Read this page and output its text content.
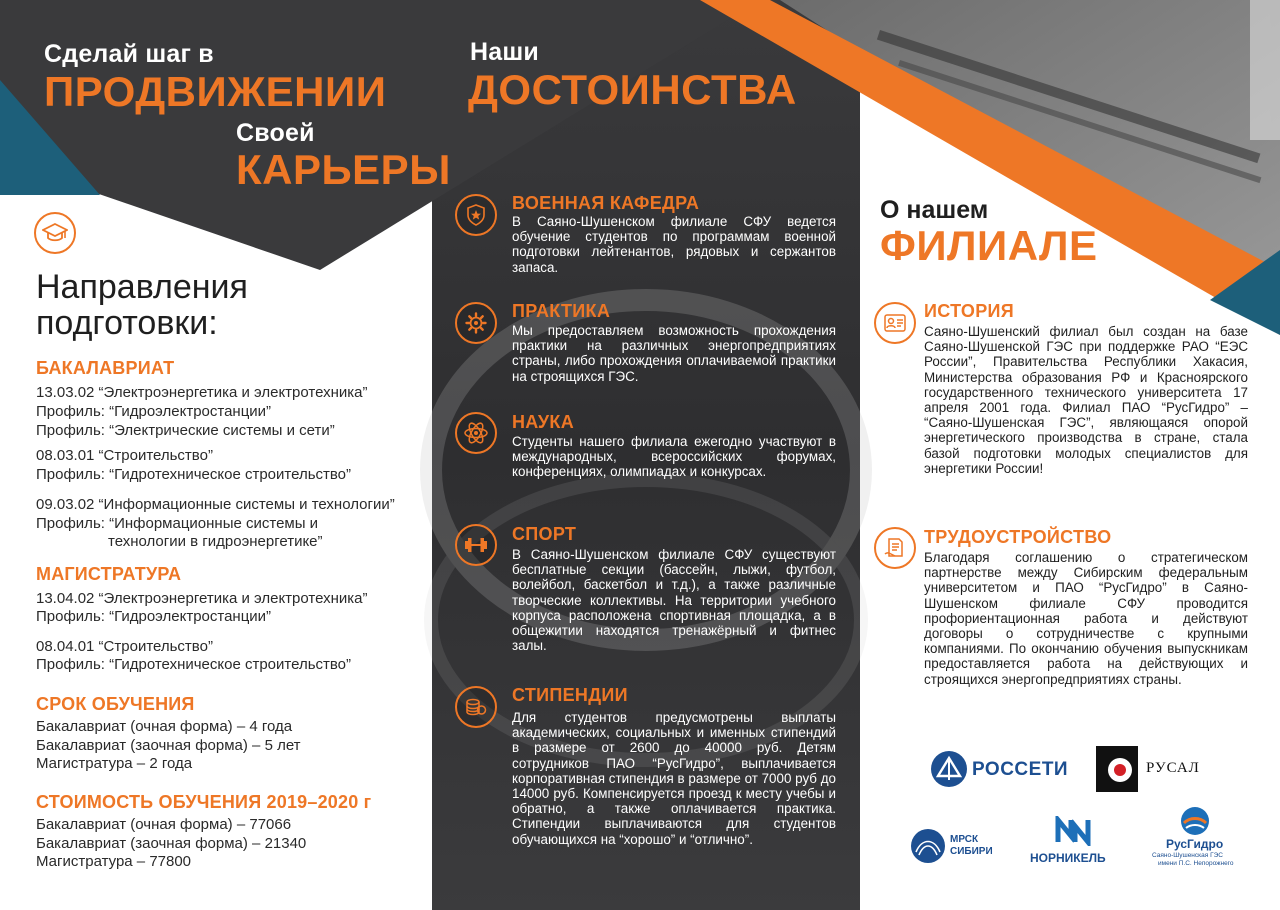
Сделай шаг в
ПРОДВИЖЕНИИ
Своей
КАРЬЕРЫ
Наши
ДОСТОИНСТВА
О нашем
ФИЛИАЛЕ
Направления
подготовки:
БАКАЛАВРИАТ
13.03.02 “Электроэнергетика и электротехника”
Профиль: “Гидроэлектростанции”
Профиль: “Электрические системы и сети”
08.03.01 “Строительство”
Профиль: “Гидротехническое строительство”
09.03.02 “Информационные системы и технологии”
Профиль: “Информационные системы и
технологии в гидроэнергетике”
МАГИСТРАТУРА
13.04.02 “Электроэнергетика и электротехника”
Профиль: “Гидроэлектростанции”
08.04.01 “Строительство”
Профиль: “Гидротехническое строительство”
СРОК ОБУЧЕНИЯ
Бакалавриат (очная форма) – 4 года
Бакалавриат (заочная форма) – 5 лет
Магистратура – 2 года
СТОИМОСТЬ ОБУЧЕНИЯ 2019–2020 г
Бакалавриат (очная форма) – 77066
Бакалавриат (заочная форма) – 21340
Магистратура – 77800
ВОЕННАЯ КАФЕДРА
В Саяно-Шушенском филиале СФУ ведется обучение студентов по программам военной подготовки лейтенантов, рядовых и сержантов запаса.
ПРАКТИКА
Мы предоставляем возможность прохождения практики на различных энергопредприятиях страны, либо прохождения оплачиваемой практики на строящихся ГЭС.
НАУКА
Студенты нашего филиала ежегодно участвуют в международных, всероссийских форумах, конференциях, олимпиадах и конкурсах.
СПОРТ
В Саяно-Шушенском филиале СФУ существуют бесплатные секции (бассейн, лыжи, футбол, волейбол, баскетбол и т.д.), а также различные творческие коллективы. На территории учебного корпуса расположена спортивная площадка, а в общежитии находятся тренажёрный и фитнес залы.
СТИПЕНДИИ
Для студентов предусмотрены выплаты академических, социальных и именных стипендий в размере от 2600 до 40000 руб. Детям сотрудников ПАО “РусГидро”, выплачивается корпоративная стипендия в размере от 7000 руб до 14000 руб. Компенсируется проезд к месту учебы и обратно, а также оплачивается практика. Стипендии выплачиваются для студентов обучающихся на “хорошо” и “отлично”.
ИСТОРИЯ
Саяно-Шушенский филиал был создан на базе Саяно-Шушенской ГЭС при поддержке РАО “ЕЭС России”, Правительства Республики Хакасия, Министерства образования РФ и Красноярского государственного технического университета 17 апреля 2001 года. Филиал ПАО “РусГидро” – “Саяно-Шушенская ГЭС”, являющаяся опорой энергетического производства в стране, стала базой подготовки молодых специалистов для энергетики России!
ТРУДОУСТРОЙСТВО
Благодаря соглашению о стратегическом партнерстве между Сибирским федеральным университетом и ПАО “РусГидро” в Саяно-Шушенском филиале СФУ проводится профориентационная работа и действуют договоры о сотрудничестве с крупными компаниями. По окончанию обучения выпускникам предоставляется работа на действующих и строящихся энергопредприятиях страны.
РОССЕТИ	РУСАЛ
МРСК
СИБИРИ	НОРНИКЕЛЬ
РусГидро
Саяно-Шушенская ГЭС
имени П.С. Непорожнего
